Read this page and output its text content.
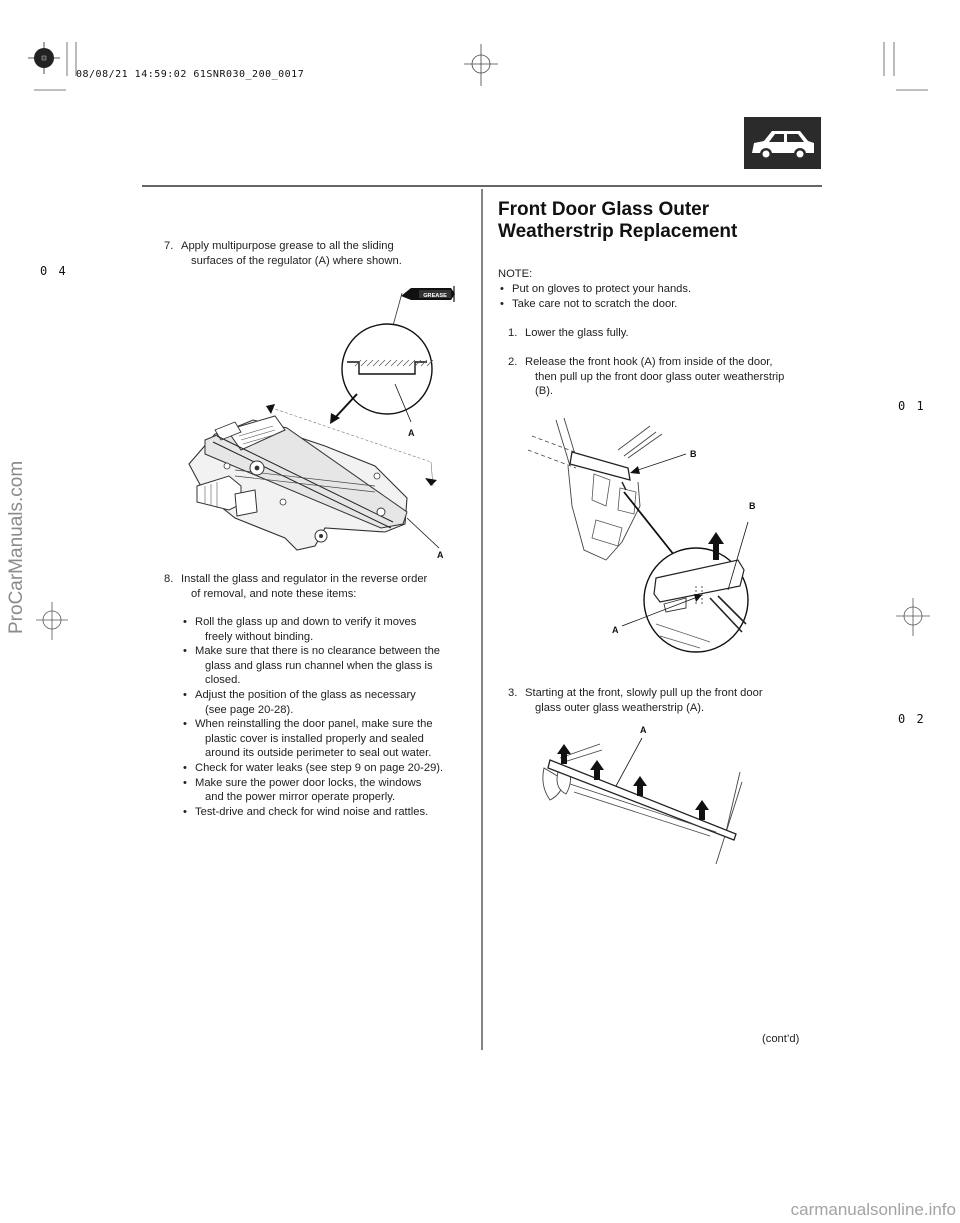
08/08/21 14:59:02 61SNR030_200_0017
0 4
0 1
0 2
Front Door Glass Outer
Weatherstrip Replacement
7. Apply multipurpose grease to all the sliding
surfaces of the regulator (A) where shown.
GREASE
A
A
8. Install the glass and regulator in the reverse order
of removal, and note these items:
• Roll the glass up and down to verify it moves
freely without binding.
• Make sure that there is no clearance between the
glass and glass run channel when the glass is
closed.
• Adjust the position of the glass as necessary
(see page 20-28).
• When reinstalling the door panel, make sure the
plastic cover is installed properly and sealed
around its outside perimeter to seal out water.
• Check for water leaks (see step 9 on page 20-29).
• Make sure the power door locks, the windows
and the power mirror operate properly.
• Test-drive and check for wind noise and rattles.
NOTE:
• Put on gloves to protect your hands.
• Take care not to scratch the door.
1. Lower the glass fully.
2. Release the front hook (A) from inside of the door,
then pull up the front door glass outer weatherstrip
(B).
B
B
A
3. Starting at the front, slowly pull up the front door
glass outer glass weatherstrip (A).
A
(cont’d)
ProCarManuals.com
carmanualsonline.info
